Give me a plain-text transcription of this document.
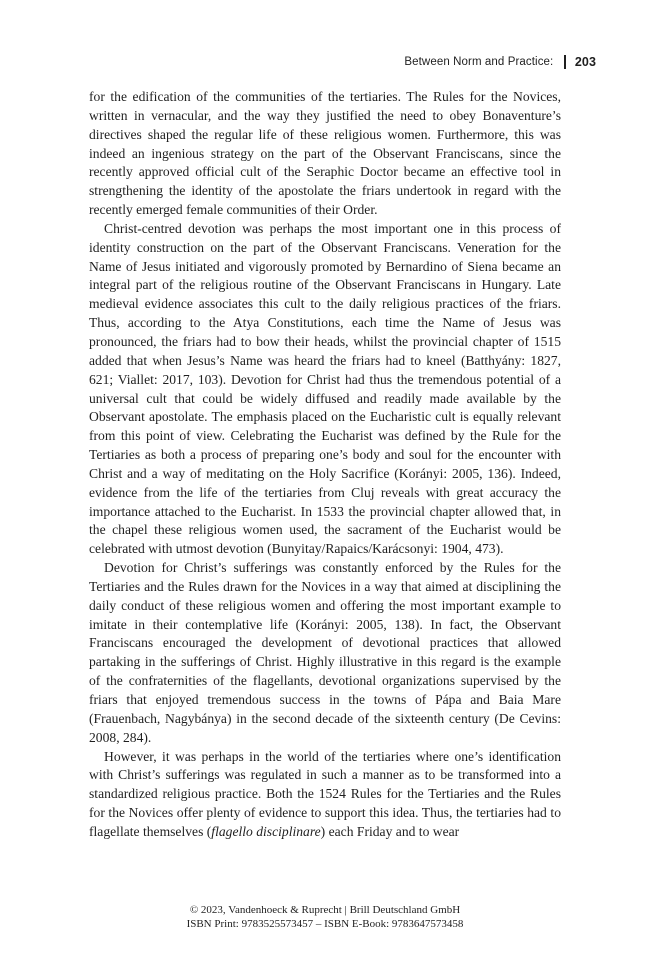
Between Norm and Practice: 203

for the edification of the communities of the tertiaries. The Rules for the Novices, written in vernacular, and the way they justified the need to obey Bonaventure’s directives shaped the regular life of these religious women. Furthermore, this was indeed an ingenious strategy on the part of the Observant Franciscans, since the recently approved official cult of the Seraphic Doctor became an effective tool in strengthening the identity of the apostolate the friars undertook in regard with the recently emerged female communities of their Order.

Christ-centred devotion was perhaps the most important one in this process of identity construction on the part of the Observant Franciscans. Veneration for the Name of Jesus initiated and vigorously promoted by Bernardino of Siena became an integral part of the religious routine of the Observant Franciscans in Hungary. Late medieval evidence associates this cult to the daily religious practices of the friars. Thus, according to the Atya Constitutions, each time the Name of Jesus was pronounced, the friars had to bow their heads, whilst the provincial chapter of 1515 added that when Jesus’s Name was heard the friars had to kneel (Batthyány: 1827, 621; Viallet: 2017, 103). Devotion for Christ had thus the tremendous potential of a universal cult that could be widely diffused and readily made available by the Observant apostolate. The emphasis placed on the Eucharistic cult is equally relevant from this point of view. Celebrating the Eucharist was defined by the Rule for the Tertiaries as both a process of preparing one’s body and soul for the encounter with Christ and a way of meditating on the Holy Sacrifice (Korányi: 2005, 136). Indeed, evidence from the life of the tertiaries from Cluj reveals with great accuracy the importance attached to the Eucharist. In 1533 the provincial chapter allowed that, in the chapel these religious women used, the sacrament of the Eucharist would be celebrated with utmost devotion (Bunyitay/Rapaics/Karácsonyi: 1904, 473).

Devotion for Christ’s sufferings was constantly enforced by the Rules for the Tertiaries and the Rules drawn for the Novices in a way that aimed at disciplining the daily conduct of these religious women and offering the most important example to imitate in their contemplative life (Korányi: 2005, 138). In fact, the Observant Franciscans encouraged the development of devotional practices that allowed partaking in the sufferings of Christ. Highly illustrative in this regard is the example of the confraternities of the flagellants, devotional organizations supervised by the friars that enjoyed tremendous success in the towns of Pápa and Baia Mare (Frauenbach, Nagybánya) in the second decade of the sixteenth century (De Cevins: 2008, 284).

However, it was perhaps in the world of the tertiaries where one’s identification with Christ’s sufferings was regulated in such a manner as to be transformed into a standardized religious practice. Both the 1524 Rules for the Tertiaries and the Rules for the Novices offer plenty of evidence to support this idea. Thus, the tertiaries had to flagellate themselves (flagello disciplinare) each Friday and to wear

© 2023, Vandenhoeck & Ruprecht | Brill Deutschland GmbH
ISBN Print: 9783525573457 – ISBN E-Book: 9783647573458
